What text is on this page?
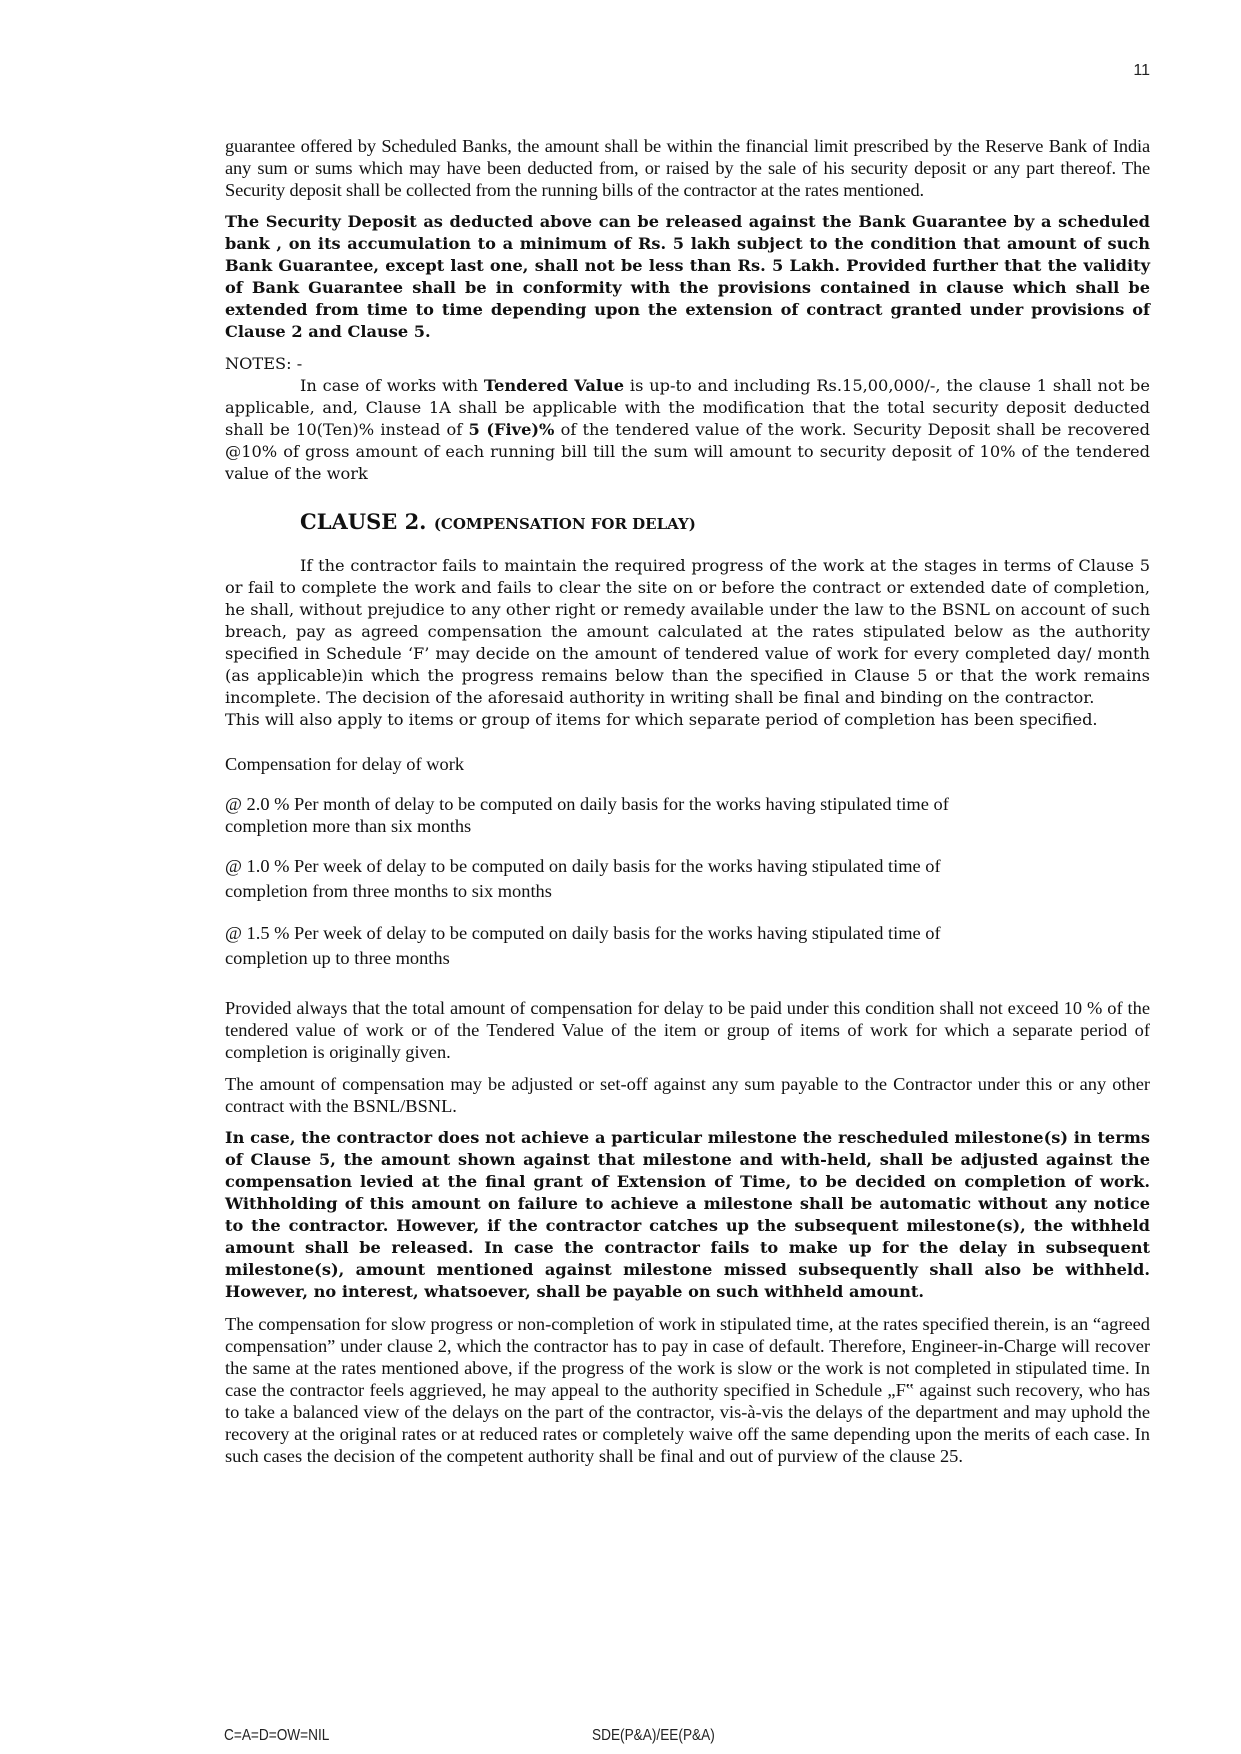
11

guarantee offered by Scheduled Banks, the amount shall be within the financial limit prescribed by the Reserve Bank of India any sum or sums which may have been deducted from, or raised by the sale of his security deposit or any part thereof. The Security deposit shall be collected from the running bills of the contractor at the rates mentioned.

The Security Deposit as deducted above can be released against the Bank Guarantee by a scheduled bank , on its accumulation to a minimum of Rs. 5 lakh subject to the condition that amount of such Bank Guarantee, except last one, shall not be less than Rs. 5 Lakh. Provided further that the validity of Bank Guarantee shall be in conformity with the provisions contained in clause which shall be extended from time to time depending upon the extension of contract granted under provisions of Clause 2 and Clause 5.

NOTES: -

In case of works with Tendered Value is up-to and including Rs.15,00,000/-, the clause 1 shall not be applicable, and, Clause 1A shall be applicable with the modification that the total security deposit deducted shall be 10(Ten)% instead of 5 (Five)% of the tendered value of the work. Security Deposit shall be recovered @10% of gross amount of each running bill till the sum will amount to security deposit of 10% of the tendered value of the work

CLAUSE 2. (COMPENSATION FOR DELAY)

If the contractor fails to maintain the required progress of the work at the stages in terms of Clause 5 or fail to complete the work and fails to clear the site on or before the contract or extended date of completion, he shall, without prejudice to any other right or remedy available under the law to the BSNL on account of such breach, pay as agreed compensation the amount calculated at the rates stipulated below as the authority specified in Schedule ‘F’ may decide on the amount of tendered value of work for every completed day/ month (as applicable)in which the progress remains below than the specified in Clause 5 or that the work remains incomplete. The decision of the aforesaid authority in writing shall be final and binding on the contractor.

This will also apply to items or group of items for which separate period of completion has been specified.

Compensation for delay of work

@ 2.0 % Per month of delay to be computed on daily basis for the works having stipulated time of

completion more than six months

@ 1.0 % Per week of delay to be computed on daily basis for the works having stipulated time of

completion from three months to six months

@ 1.5 % Per week of delay to be computed on daily basis for the works having stipulated time of

completion up to three months

Provided always that the total amount of compensation for delay to be paid under this condition shall not exceed 10 % of the tendered value of work or of the Tendered Value of the item or group of items of work for which a separate period of completion is originally given.

The amount of compensation may be adjusted or set-off against any sum payable to the Contractor under this or any other contract with the BSNL/BSNL.

In case, the contractor does not achieve a particular milestone the rescheduled milestone(s) in terms of Clause 5, the amount shown against that milestone and with-held, shall be adjusted against the compensation levied at the final grant of Extension of Time, to be decided on completion of work. Withholding of this amount on failure to achieve a milestone shall be automatic without any notice to the contractor. However, if the contractor catches up the subsequent milestone(s), the withheld amount shall be released. In case the contractor fails to make up for the delay in subsequent milestone(s), amount mentioned against milestone missed subsequently shall also be withheld. However, no interest, whatsoever, shall be payable on such withheld amount.

The compensation for slow progress or non-completion of work in stipulated time, at the rates specified therein, is an “agreed compensation” under clause 2, which the contractor has to pay in case of default. Therefore, Engineer-in-Charge will recover the same at the rates mentioned above, if the progress of the work is slow or the work is not completed in stipulated time. In case the contractor feels aggrieved, he may appeal to the authority specified in Schedule „F‟ against such recovery, who has to take a balanced view of the delays on the part of the contractor, vis-à-vis the delays of the department and may uphold the recovery at the original rates or at reduced rates or completely waive off the same depending upon the merits of each case. In such cases the decision of the competent authority shall be final and out of purview of the clause 25.

C=A=D=OW=NIL	SDE(P&A)/EE(P&A)
